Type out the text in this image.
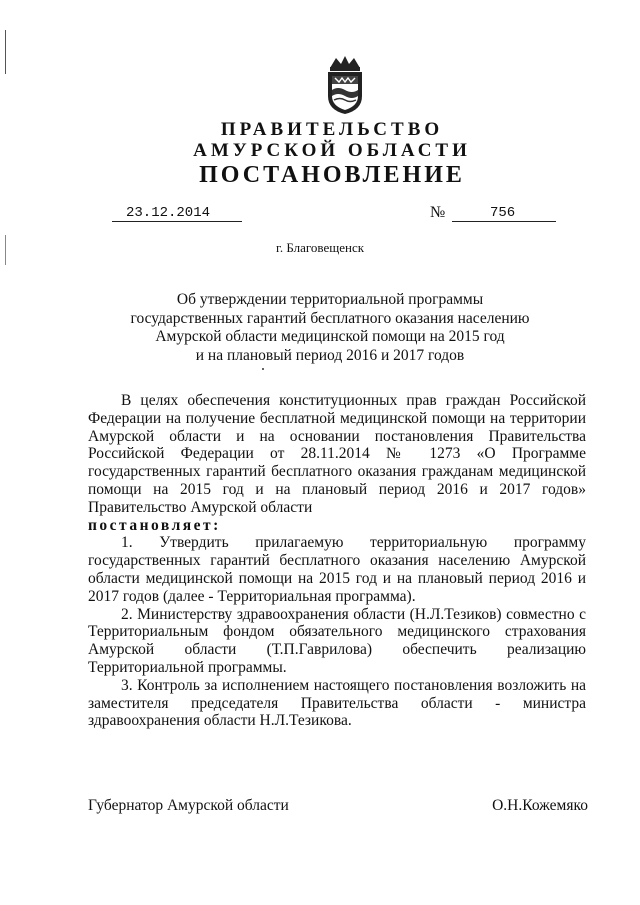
ПРАВИТЕЛЬСТВО
АМУРСКОЙ ОБЛАСТИ
ПОСТАНОВЛЕНИЕ
23.12.2014	№	756
г. Благовещенск
Об утверждении территориальной программы
государственных гарантий бесплатного оказания населению
Амурской области медицинской помощи на 2015 год
и на плановый период 2016 и 2017 годов

В целях обеспечения конституционных прав граждан Российской Федерации на получение бесплатной медицинской помощи на территории Амурской области и на основании постановления Правительства Российской Федерации от 28.11.2014 № 1273 «О Программе государственных гарантий бесплатного оказания гражданам медицинской помощи на 2015 год и на плановый период 2016 и 2017 годов» Правительство Амурской области

постановляет:

1. Утвердить прилагаемую территориальную программу государственных гарантий бесплатного оказания населению Амурской области медицинской помощи на 2015 год и на плановый период 2016 и 2017 годов (далее - Территориальная программа).

2. Министерству здравоохранения области (Н.Л.Тезиков) совместно с Территориальным фондом обязательного медицинского страхования Амурской области (Т.П.Гаврилова) обеспечить реализацию Территориальной программы.

3. Контроль за исполнением настоящего постановления возложить на заместителя председателя Правительства области - министра здравоохранения области Н.Л.Тезикова.

Губернатор Амурской области	О.Н.Кожемяко
